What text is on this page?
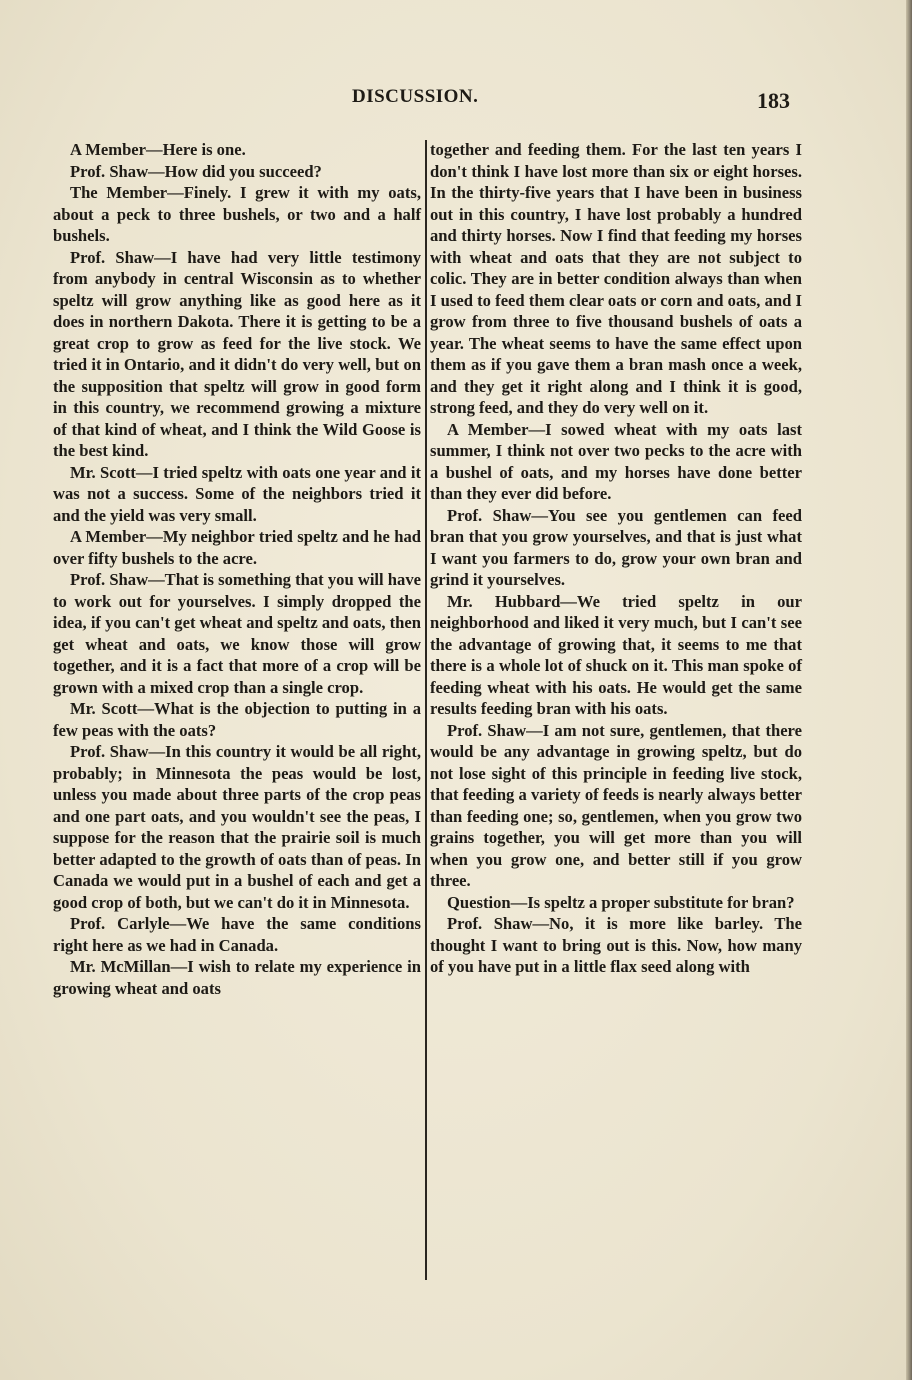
DISCUSSION.	183

A Member—Here is one.

Prof. Shaw—How did you succeed?

The Member—Finely. I grew it with my oats, about a peck to three bushels, or two and a half bushels.

Prof. Shaw—I have had very little testimony from anybody in central Wisconsin as to whether speltz will grow anything like as good here as it does in northern Dakota. There it is getting to be a great crop to grow as feed for the live stock. We tried it in Ontario, and it didn't do very well, but on the supposition that speltz will grow in good form in this country, we recommend growing a mixture of that kind of wheat, and I think the Wild Goose is the best kind.

Mr. Scott—I tried speltz with oats one year and it was not a success. Some of the neighbors tried it and the yield was very small.

A Member—My neighbor tried speltz and he had over fifty bushels to the acre.

Prof. Shaw—That is something that you will have to work out for yourselves. I simply dropped the idea, if you can't get wheat and speltz and oats, then get wheat and oats, we know those will grow together, and it is a fact that more of a crop will be grown with a mixed crop than a single crop.

Mr. Scott—What is the objection to putting in a few peas with the oats?

Prof. Shaw—In this country it would be all right, probably; in Minnesota the peas would be lost, unless you made about three parts of the crop peas and one part oats, and you wouldn't see the peas, I suppose for the reason that the prairie soil is much better adapted to the growth of oats than of peas. In Canada we would put in a bushel of each and get a good crop of both, but we can't do it in Minnesota.

Prof. Carlyle—We have the same conditions right here as we had in Canada.

Mr. McMillan—I wish to relate my experience in growing wheat and oats

together and feeding them. For the last ten years I don't think I have lost more than six or eight horses. In the thirty-five years that I have been in business out in this country, I have lost probably a hundred and thirty horses. Now I find that feeding my horses with wheat and oats that they are not subject to colic. They are in better condition always than when I used to feed them clear oats or corn and oats, and I grow from three to five thousand bushels of oats a year. The wheat seems to have the same effect upon them as if you gave them a bran mash once a week, and they get it right along and I think it is good, strong feed, and they do very well on it.

A Member—I sowed wheat with my oats last summer, I think not over two pecks to the acre with a bushel of oats, and my horses have done better than they ever did before.

Prof. Shaw—You see you gentlemen can feed bran that you grow yourselves, and that is just what I want you farmers to do, grow your own bran and grind it yourselves.

Mr. Hubbard—We tried speltz in our neighborhood and liked it very much, but I can't see the advantage of growing that, it seems to me that there is a whole lot of shuck on it. This man spoke of feeding wheat with his oats. He would get the same results feeding bran with his oats.

Prof. Shaw—I am not sure, gentlemen, that there would be any advantage in growing speltz, but do not lose sight of this principle in feeding live stock, that feeding a variety of feeds is nearly always better than feeding one; so, gentlemen, when you grow two grains together, you will get more than you will when you grow one, and better still if you grow three.

Question—Is speltz a proper substitute for bran?

Prof. Shaw—No, it is more like barley. The thought I want to bring out is this. Now, how many of you have put in a little flax seed along with
